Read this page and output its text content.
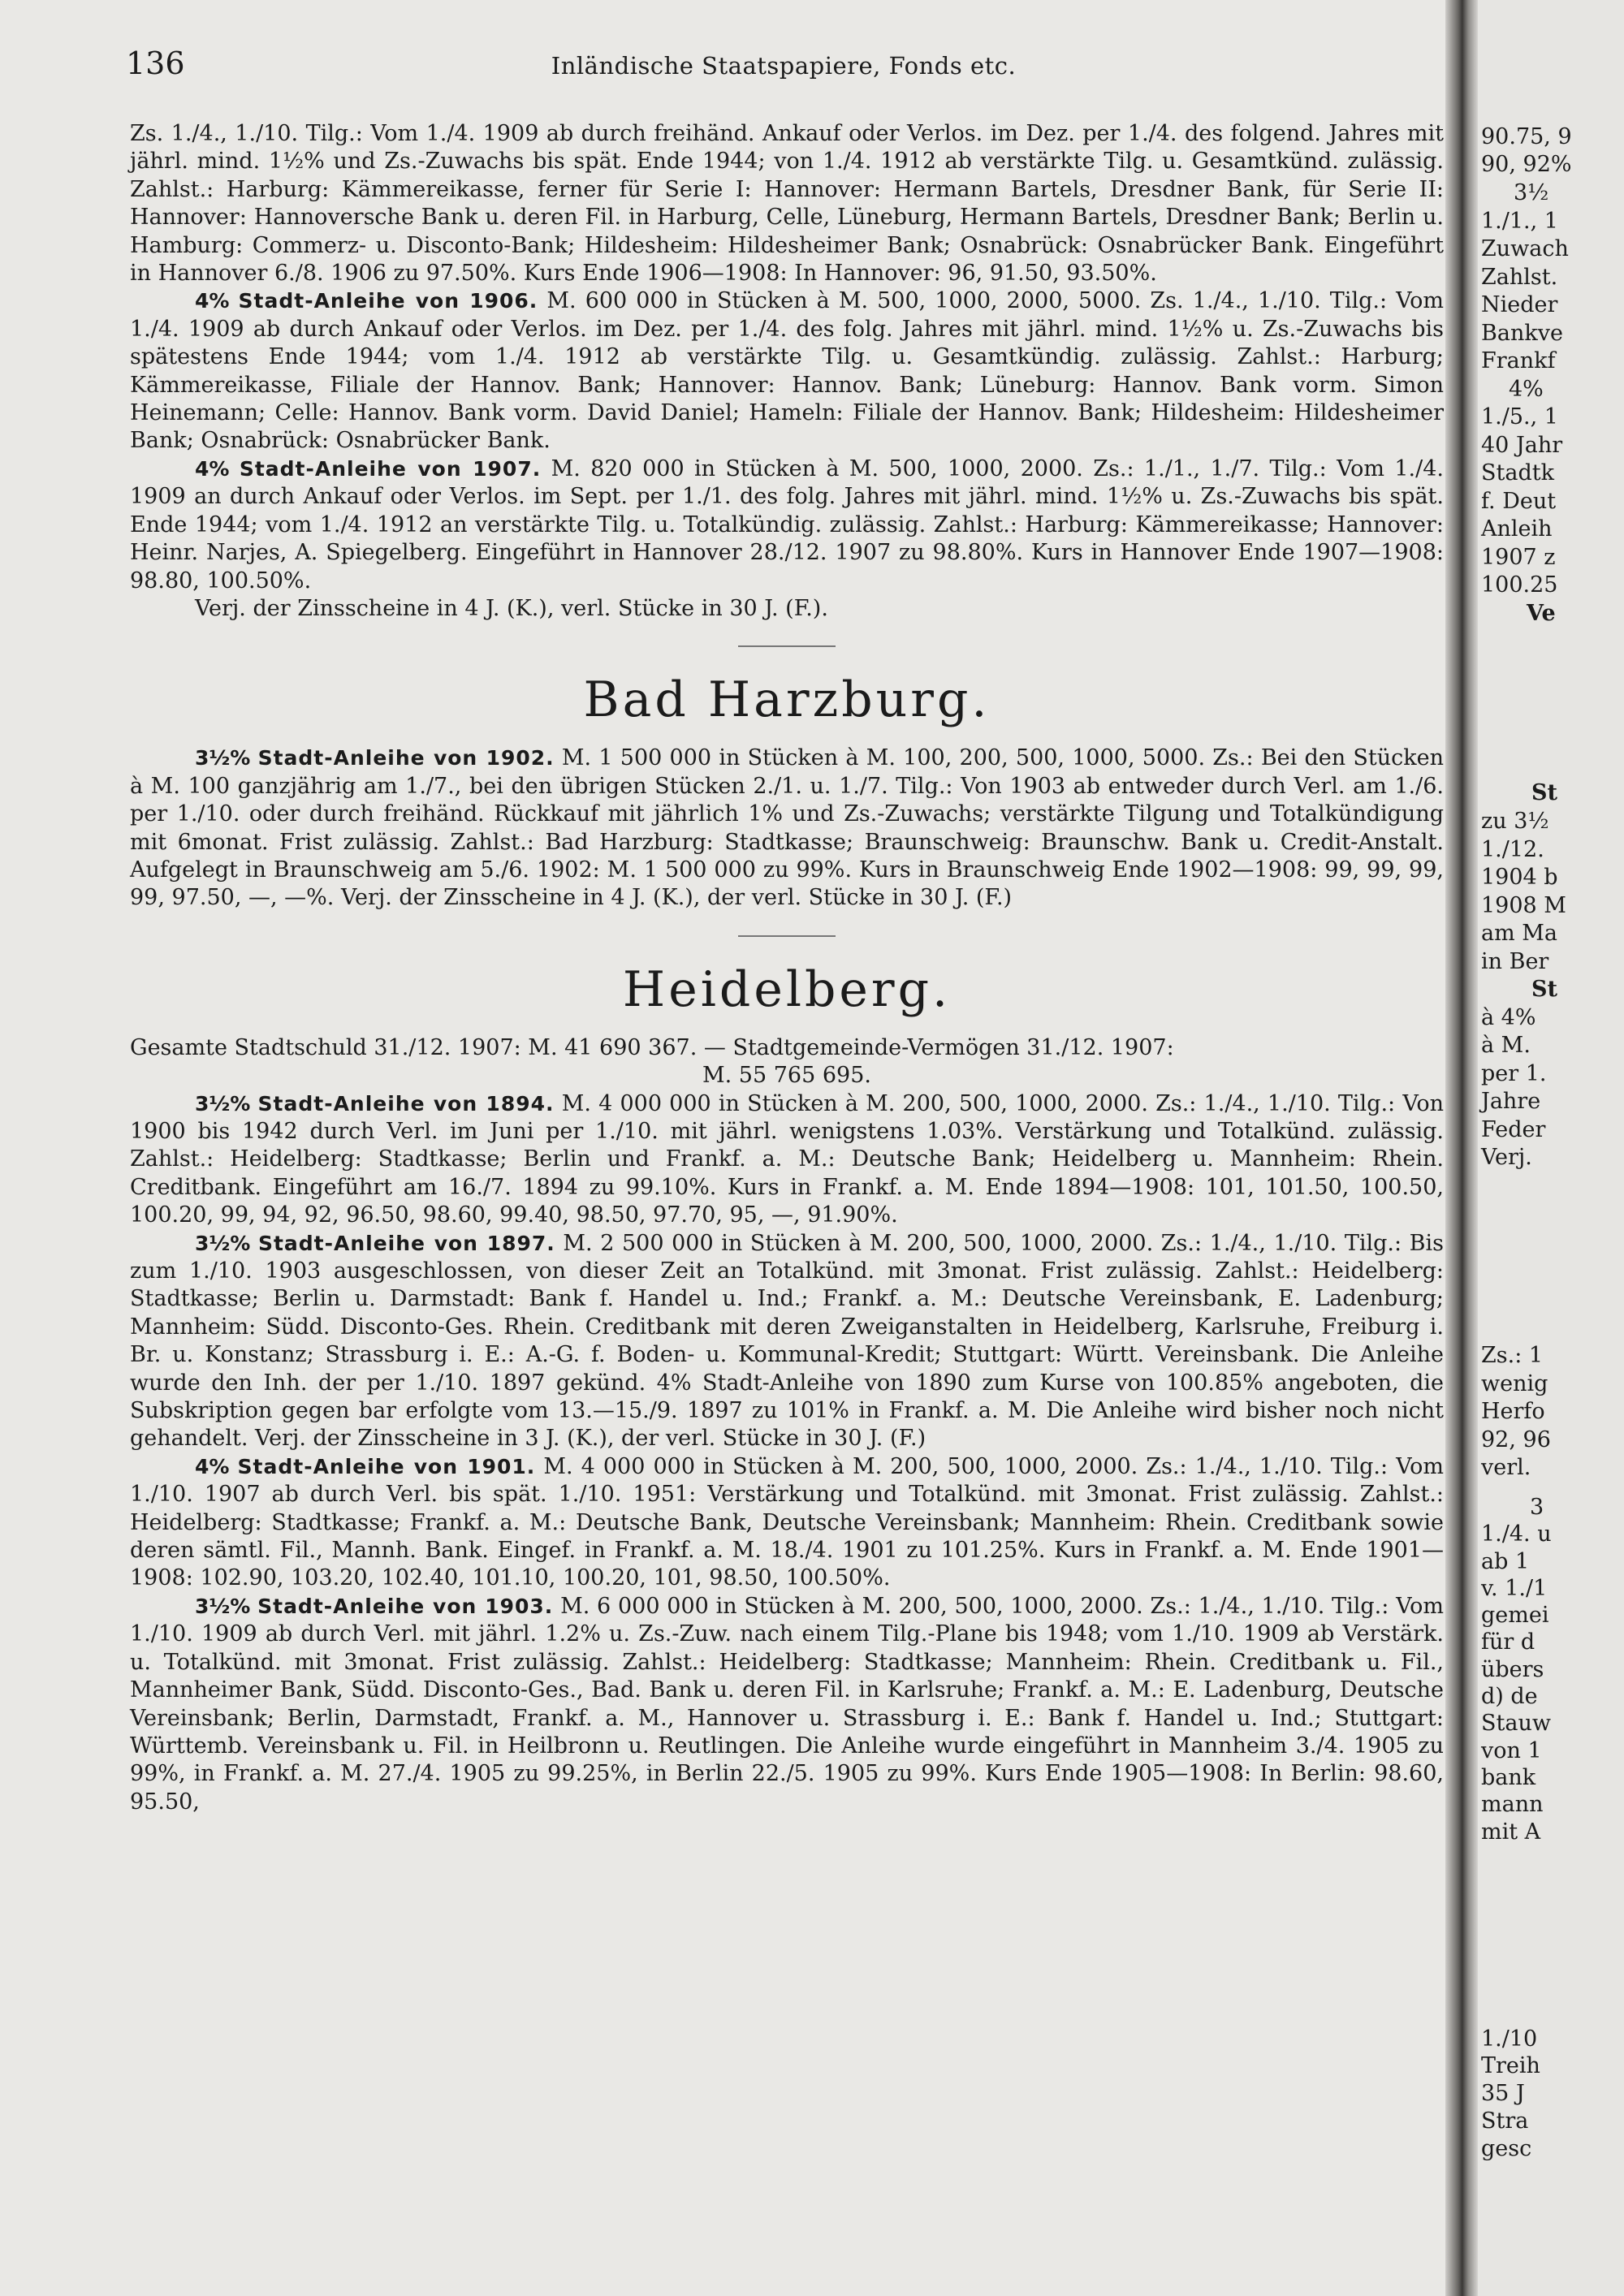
136	Inländische Staatspapiere, Fonds etc.

Zs. 1./4., 1./10. Tilg.: Vom 1./4. 1909 ab durch freihänd. Ankauf oder Verlos. im Dez. per 1./4. des folgend. Jahres mit jährl. mind. 1½% und Zs.-Zuwachs bis spät. Ende 1944; von 1./4. 1912 ab verstärkte Tilg. u. Gesamtkünd. zulässig. Zahlst.: Harburg: Kämmereikasse, ferner für Serie I: Hannover: Hermann Bartels, Dresdner Bank, für Serie II: Hannover: Hannoversche Bank u. deren Fil. in Harburg, Celle, Lüneburg, Hermann Bartels, Dresdner Bank; Berlin u. Hamburg: Commerz- u. Disconto-Bank; Hildesheim: Hildesheimer Bank; Osnabrück: Osnabrücker Bank. Eingeführt in Hannover 6./8. 1906 zu 97.50%. Kurs Ende 1906—1908: In Hannover: 96, 91.50, 93.50%.

4% Stadt-Anleihe von 1906. M. 600 000 in Stücken à M. 500, 1000, 2000, 5000. Zs. 1./4., 1./10. Tilg.: Vom 1./4. 1909 ab durch Ankauf oder Verlos. im Dez. per 1./4. des folg. Jahres mit jährl. mind. 1½% u. Zs.-Zuwachs bis spätestens Ende 1944; vom 1./4. 1912 ab verstärkte Tilg. u. Gesamtkündig. zulässig. Zahlst.: Harburg; Kämmereikasse, Filiale der Hannov. Bank; Hannover: Hannov. Bank; Lüneburg: Hannov. Bank vorm. Simon Heinemann; Celle: Hannov. Bank vorm. David Daniel; Hameln: Filiale der Hannov. Bank; Hildesheim: Hildesheimer Bank; Osnabrück: Osnabrücker Bank.

4% Stadt-Anleihe von 1907. M. 820 000 in Stücken à M. 500, 1000, 2000. Zs.: 1./1., 1./7. Tilg.: Vom 1./4. 1909 an durch Ankauf oder Verlos. im Sept. per 1./1. des folg. Jahres mit jährl. mind. 1½% u. Zs.-Zuwachs bis spät. Ende 1944; vom 1./4. 1912 an verstärkte Tilg. u. Totalkündig. zulässig. Zahlst.: Harburg: Kämmereikasse; Hannover: Heinr. Narjes, A. Spiegelberg. Eingeführt in Hannover 28./12. 1907 zu 98.80%. Kurs in Hannover Ende 1907—1908: 98.80, 100.50%.

Verj. der Zinsscheine in 4 J. (K.), verl. Stücke in 30 J. (F.).

Bad Harzburg.

3½% Stadt-Anleihe von 1902. M. 1 500 000 in Stücken à M. 100, 200, 500, 1000, 5000. Zs.: Bei den Stücken à M. 100 ganzjährig am 1./7., bei den übrigen Stücken 2./1. u. 1./7. Tilg.: Von 1903 ab entweder durch Verl. am 1./6. per 1./10. oder durch freihänd. Rückkauf mit jährlich 1% und Zs.-Zuwachs; verstärkte Tilgung und Totalkündigung mit 6monat. Frist zulässig. Zahlst.: Bad Harzburg: Stadtkasse; Braunschweig: Braunschw. Bank u. Credit-Anstalt. Aufgelegt in Braunschweig am 5./6. 1902: M. 1 500 000 zu 99%. Kurs in Braunschweig Ende 1902—1908: 99, 99, 99, 99, 97.50, —, —%. Verj. der Zinsscheine in 4 J. (K.), der verl. Stücke in 30 J. (F.)

Heidelberg.

Gesamte Stadtschuld 31./12. 1907: M. 41 690 367. — Stadtgemeinde-Vermögen 31./12. 1907:

M. 55 765 695.

3½% Stadt-Anleihe von 1894. M. 4 000 000 in Stücken à M. 200, 500, 1000, 2000. Zs.: 1./4., 1./10. Tilg.: Von 1900 bis 1942 durch Verl. im Juni per 1./10. mit jährl. wenigstens 1.03%. Verstärkung und Totalkünd. zulässig. Zahlst.: Heidelberg: Stadtkasse; Berlin und Frankf. a. M.: Deutsche Bank; Heidelberg u. Mannheim: Rhein. Creditbank. Eingeführt am 16./7. 1894 zu 99.10%. Kurs in Frankf. a. M. Ende 1894—1908: 101, 101.50, 100.50, 100.20, 99, 94, 92, 96.50, 98.60, 99.40, 98.50, 97.70, 95, —, 91.90%.

3½% Stadt-Anleihe von 1897. M. 2 500 000 in Stücken à M. 200, 500, 1000, 2000. Zs.: 1./4., 1./10. Tilg.: Bis zum 1./10. 1903 ausgeschlossen, von dieser Zeit an Totalkünd. mit 3monat. Frist zulässig. Zahlst.: Heidelberg: Stadtkasse; Berlin u. Darmstadt: Bank f. Handel u. Ind.; Frankf. a. M.: Deutsche Vereinsbank, E. Ladenburg; Mannheim: Südd. Disconto-Ges. Rhein. Creditbank mit deren Zweiganstalten in Heidelberg, Karlsruhe, Freiburg i. Br. u. Konstanz; Strassburg i. E.: A.-G. f. Boden- u. Kommunal-Kredit; Stuttgart: Württ. Vereinsbank. Die Anleihe wurde den Inh. der per 1./10. 1897 gekünd. 4% Stadt-Anleihe von 1890 zum Kurse von 100.85% angeboten, die Subskription gegen bar erfolgte vom 13.—15./9. 1897 zu 101% in Frankf. a. M. Die Anleihe wird bisher noch nicht gehandelt. Verj. der Zinsscheine in 3 J. (K.), der verl. Stücke in 30 J. (F.)

4% Stadt-Anleihe von 1901. M. 4 000 000 in Stücken à M. 200, 500, 1000, 2000. Zs.: 1./4., 1./10. Tilg.: Vom 1./10. 1907 ab durch Verl. bis spät. 1./10. 1951: Verstärkung und Totalkünd. mit 3monat. Frist zulässig. Zahlst.: Heidelberg: Stadtkasse; Frankf. a. M.: Deutsche Bank, Deutsche Vereinsbank; Mannheim: Rhein. Creditbank sowie deren sämtl. Fil., Mannh. Bank. Eingef. in Frankf. a. M. 18./4. 1901 zu 101.25%. Kurs in Frankf. a. M. Ende 1901—1908: 102.90, 103.20, 102.40, 101.10, 100.20, 101, 98.50, 100.50%.

3½% Stadt-Anleihe von 1903. M. 6 000 000 in Stücken à M. 200, 500, 1000, 2000. Zs.: 1./4., 1./10. Tilg.: Vom 1./10. 1909 ab durch Verl. mit jährl. 1.2% u. Zs.-Zuw. nach einem Tilg.-Plane bis 1948; vom 1./10. 1909 ab Verstärk. u. Totalkünd. mit 3monat. Frist zulässig. Zahlst.: Heidelberg: Stadtkasse; Mannheim: Rhein. Creditbank u. Fil., Mannheimer Bank, Südd. Disconto-Ges., Bad. Bank u. deren Fil. in Karlsruhe; Frankf. a. M.: E. Ladenburg, Deutsche Vereinsbank; Berlin, Darmstadt, Frankf. a. M., Hannover u. Strassburg i. E.: Bank f. Handel u. Ind.; Stuttgart: Württemb. Vereinsbank u. Fil. in Heilbronn u. Reutlingen. Die Anleihe wurde eingeführt in Mannheim 3./4. 1905 zu 99%, in Frankf. a. M. 27./4. 1905 zu 99.25%, in Berlin 22./5. 1905 zu 99%. Kurs Ende 1905—1908: In Berlin: 98.60, 95.50,

90.75, 9
90, 92%
3½
1./1., 1
Zuwach
Zahlst.
Nieder
Bankve
Frankf
4%
1./5., 1
40 Jahr
Stadtk
f. Deut
Anleih
1907 z
100.25
Ve
St
zu 3½
1./12.
1904 b
1908 M
am Ma
in Ber
St
à 4%
à M.
per 1.
Jahre
Feder
Verj.
Zs.: 1
wenig
Herfo
92, 96
verl.
3
1./4. u
ab 1
v. 1./1
gemei
für d
übers
d) de
Stauw
von 1
bank
mann
mit A
1./10
Treih
35 J
Stra
gesc
